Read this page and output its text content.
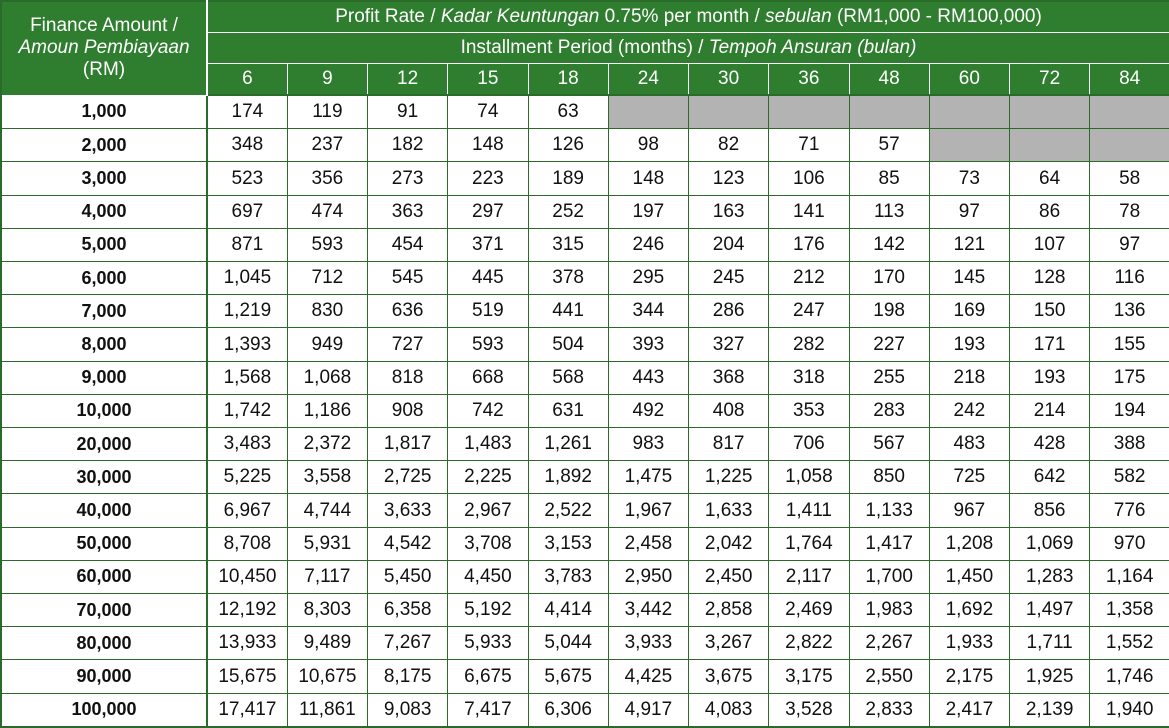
Finance Amount /
Amoun Pembiayaan
(RM)	Profit Rate / Kadar Keuntungan 0.75% per month / sebulan (RM1,000 - RM100,000)											
	Installment Period (months) / Tempoh Ansuran (bulan)											
	6	9	12	15	18	24	30	36	48	60	72	84
1,000	174	119	91	74	63							
2,000	348	237	182	148	126	98	82	71	57			
3,000	523	356	273	223	189	148	123	106	85	73	64	58
4,000	697	474	363	297	252	197	163	141	113	97	86	78
5,000	871	593	454	371	315	246	204	176	142	121	107	97
6,000	1,045	712	545	445	378	295	245	212	170	145	128	116
7,000	1,219	830	636	519	441	344	286	247	198	169	150	136
8,000	1,393	949	727	593	504	393	327	282	227	193	171	155
9,000	1,568	1,068	818	668	568	443	368	318	255	218	193	175
10,000	1,742	1,186	908	742	631	492	408	353	283	242	214	194
20,000	3,483	2,372	1,817	1,483	1,261	983	817	706	567	483	428	388
30,000	5,225	3,558	2,725	2,225	1,892	1,475	1,225	1,058	850	725	642	582
40,000	6,967	4,744	3,633	2,967	2,522	1,967	1,633	1,411	1,133	967	856	776
50,000	8,708	5,931	4,542	3,708	3,153	2,458	2,042	1,764	1,417	1,208	1,069	970
60,000	10,450	7,117	5,450	4,450	3,783	2,950	2,450	2,117	1,700	1,450	1,283	1,164
70,000	12,192	8,303	6,358	5,192	4,414	3,442	2,858	2,469	1,983	1,692	1,497	1,358
80,000	13,933	9,489	7,267	5,933	5,044	3,933	3,267	2,822	2,267	1,933	1,711	1,552
90,000	15,675	10,675	8,175	6,675	5,675	4,425	3,675	3,175	2,550	2,175	1,925	1,746
100,000	17,417	11,861	9,083	7,417	6,306	4,917	4,083	3,528	2,833	2,417	2,139	1,940
